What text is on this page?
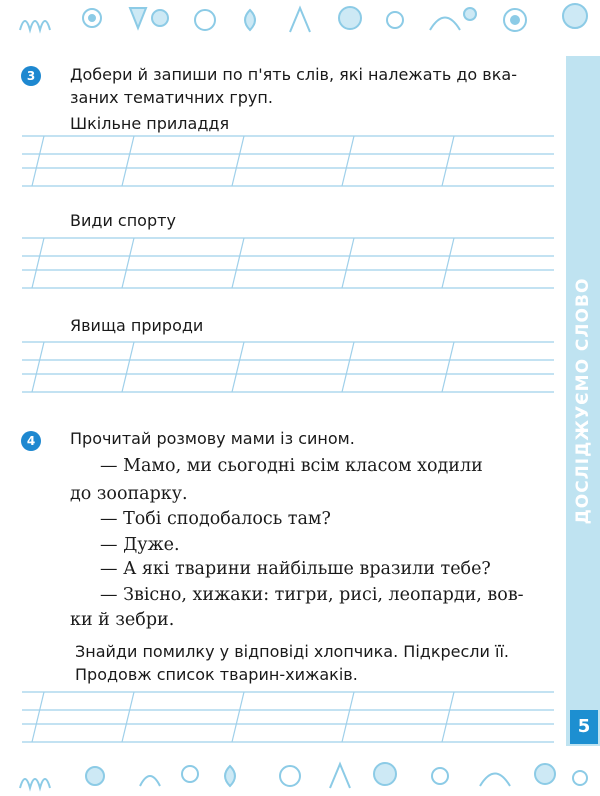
ДОСЛІДЖУЄМО СЛОВО
5
3	Добери й запиши по п'ять слів, які належать до вка-
заних тематичних груп.
Шкільне приладдя
Види спорту
Явища природи
4	Прочитай розмову мами із сином.
— Мамо, ми сьогодні всім класом ходили
до зоопарку.
— Тобі сподобалось там?
— Дуже.
— А які тварини найбільше вразили тебе?
— Звісно, хижаки: тигри, рисі, леопарди, вов-
ки й зебри.
Знайди помилку у відповіді хлопчика. Підкресли її.
Продовж список тварин-хижаків.
